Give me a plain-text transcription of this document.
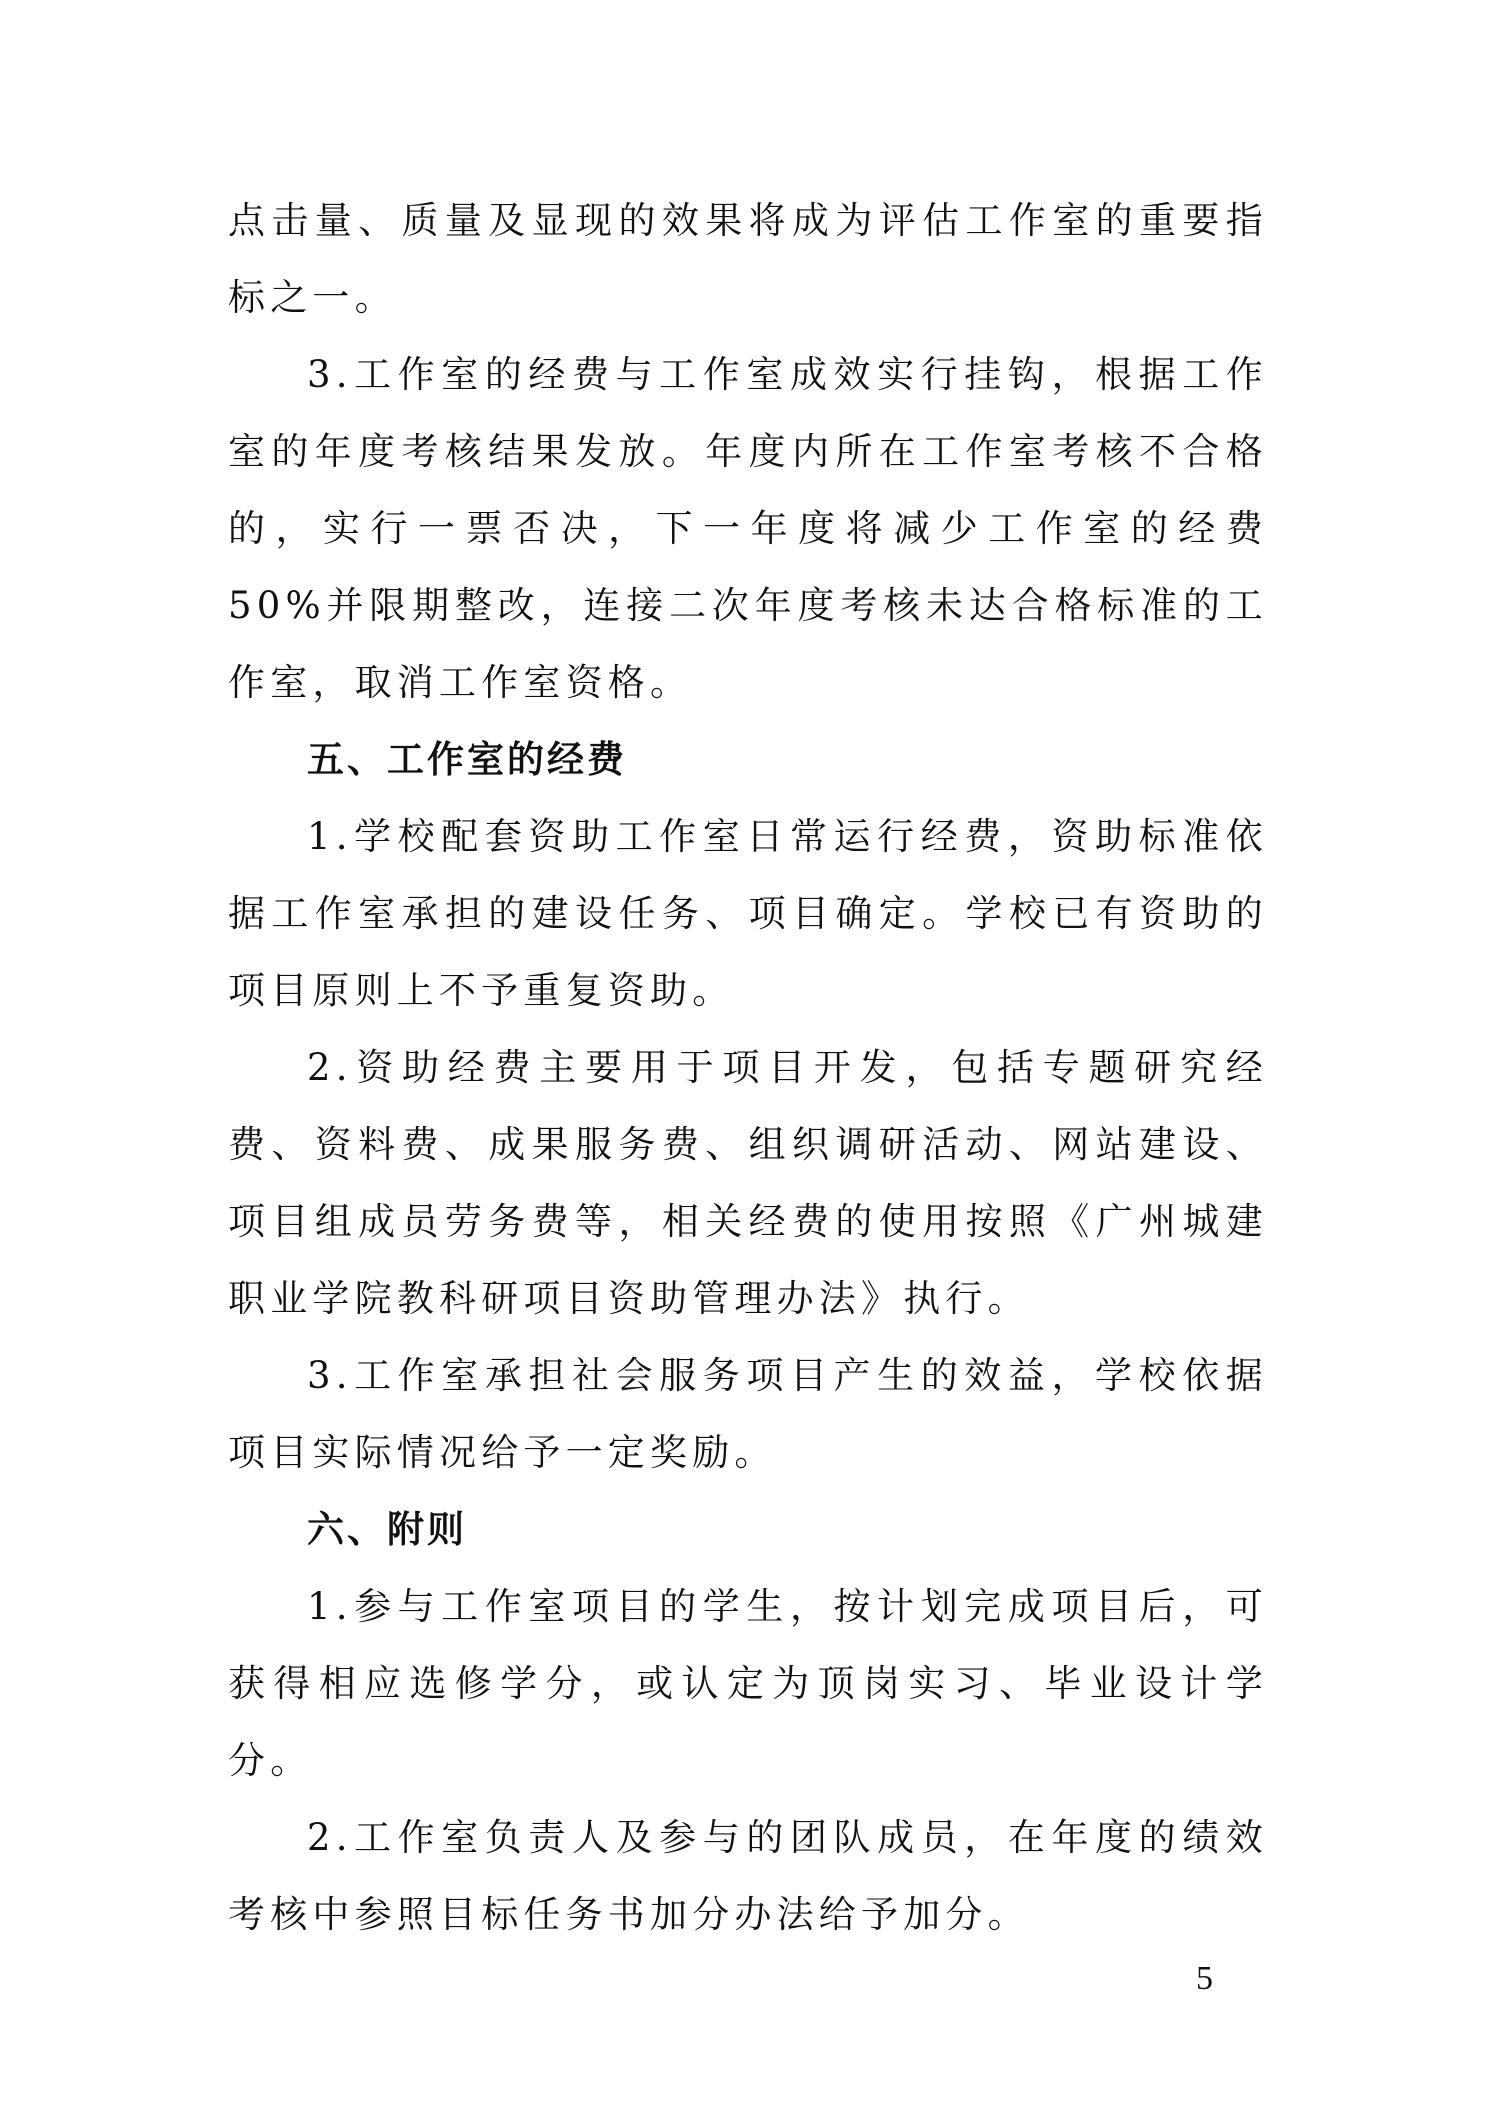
点击量、质量及显现的效果将成为评估工作室的重要指标之一。

3.工作室的经费与工作室成效实行挂钩，根据工作室的年度考核结果发放。年度内所在工作室考核不合格的，实行一票否决，下一年度将减少工作室的经费 50%并限期整改，连接二次年度考核未达合格标准的工作室，取消工作室资格。

五、工作室的经费

1.学校配套资助工作室日常运行经费，资助标准依据工作室承担的建设任务、项目确定。学校已有资助的项目原则上不予重复资助。

2.资助经费主要用于项目开发，包括专题研究经费、资料费、成果服务费、组织调研活动、网站建设、项目组成员劳务费等，相关经费的使用按照《广州城建职业学院教科研项目资助管理办法》执行。

3.工作室承担社会服务项目产生的效益，学校依据项目实际情况给予一定奖励。

六、附则

1.参与工作室项目的学生，按计划完成项目后，可获得相应选修学分，或认定为顶岗实习、毕业设计学分。

2.工作室负责人及参与的团队成员，在年度的绩效考核中参照目标任务书加分办法给予加分。

5
